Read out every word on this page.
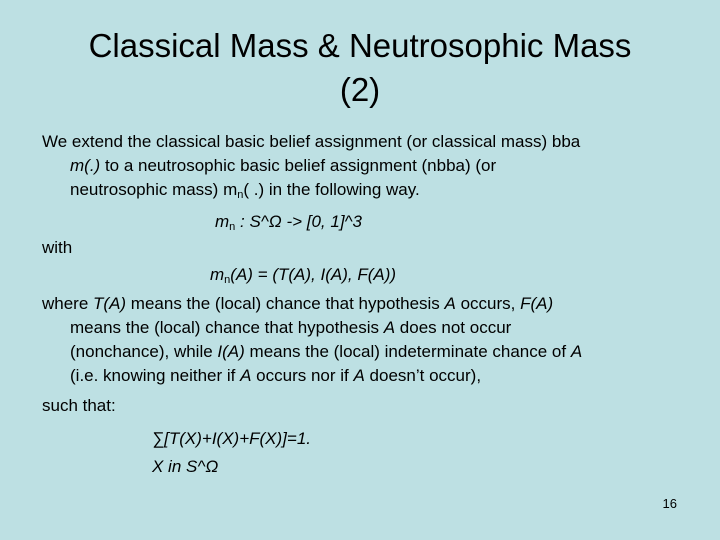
Classical Mass & Neutrosophic Mass
(2)
We extend the classical basic belief assignment (or classical mass) bba
m(.) to a neutrosophic basic belief assignment (nbba) (or
neutrosophic mass) $m_n$( .) in the following way.
$m_n$ : S^Ω -> [0, 1]^3
with
$m_n(A) = (T(A)$, I(A), F(A))
where T(A) means the (local) chance that hypothesis A occurs, F(A)
means the (local) chance that hypothesis A does not occur
(nonchance), while I(A) means the (local) indeterminate chance of A
(i.e. knowing neither if A occurs nor if A doesn’t occur),
such that:
∑[T(X)+I(X)+F(X)]=1.
X in S^Ω
16
